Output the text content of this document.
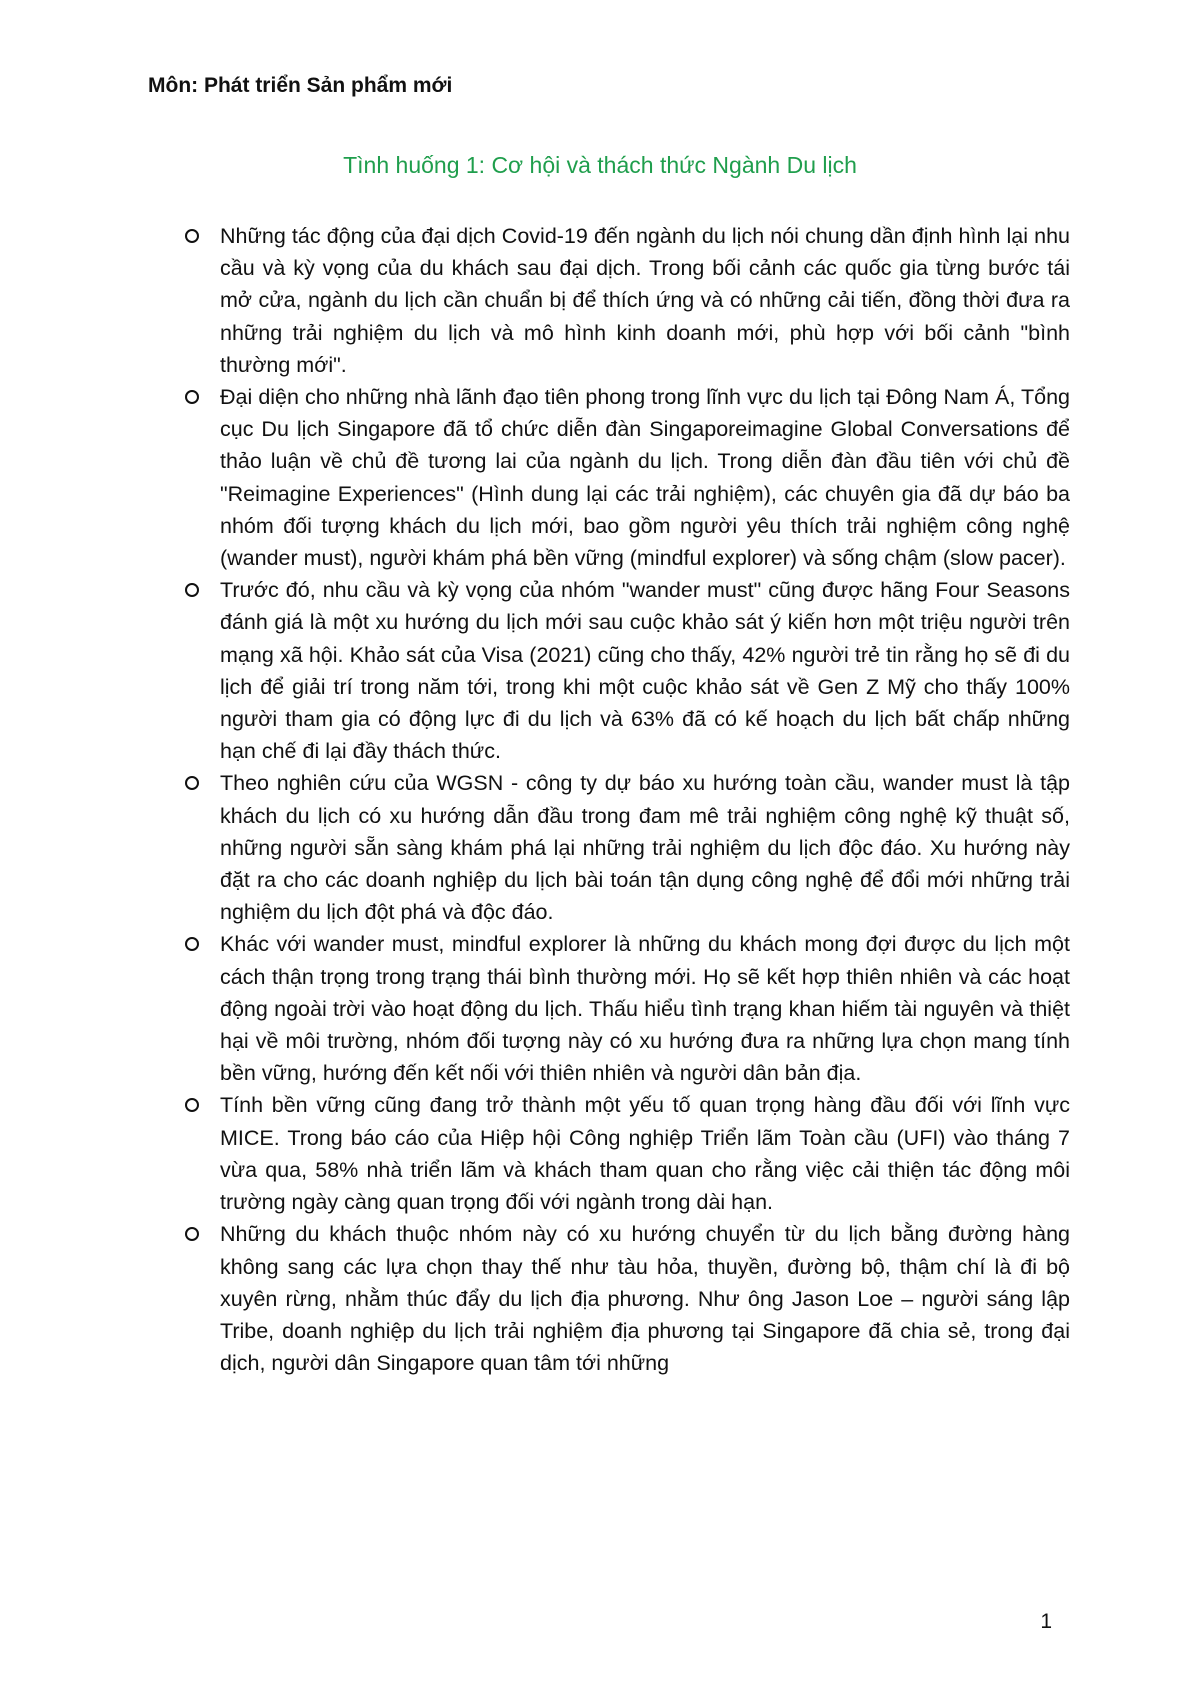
Môn: Phát triển Sản phẩm mới
Tình huống 1: Cơ hội và thách thức Ngành Du lịch
Những tác động của đại dịch Covid-19 đến ngành du lịch nói chung dần định hình lại nhu cầu và kỳ vọng của du khách sau đại dịch. Trong bối cảnh các quốc gia từng bước tái mở cửa, ngành du lịch cần chuẩn bị để thích ứng và có những cải tiến, đồng thời đưa ra những trải nghiệm du lịch và mô hình kinh doanh mới, phù hợp với bối cảnh "bình thường mới".
Đại diện cho những nhà lãnh đạo tiên phong trong lĩnh vực du lịch tại Đông Nam Á, Tổng cục Du lịch Singapore đã tổ chức diễn đàn Singaporeimagine Global Conversations để thảo luận về chủ đề tương lai của ngành du lịch. Trong diễn đàn đầu tiên với chủ đề "Reimagine Experiences" (Hình dung lại các trải nghiệm), các chuyên gia đã dự báo ba nhóm đối tượng khách du lịch mới, bao gồm người yêu thích trải nghiệm công nghệ (wander must), người khám phá bền vững (mindful explorer) và sống chậm (slow pacer).
Trước đó, nhu cầu và kỳ vọng của nhóm "wander must" cũng được hãng Four Seasons đánh giá là một xu hướng du lịch mới sau cuộc khảo sát ý kiến hơn một triệu người trên mạng xã hội. Khảo sát của Visa (2021) cũng cho thấy, 42% người trẻ tin rằng họ sẽ đi du lịch để giải trí trong năm tới, trong khi một cuộc khảo sát về Gen Z Mỹ cho thấy 100% người tham gia có động lực đi du lịch và 63% đã có kế hoạch du lịch bất chấp những hạn chế đi lại đầy thách thức.
Theo nghiên cứu của WGSN - công ty dự báo xu hướng toàn cầu, wander must là tập khách du lịch có xu hướng dẫn đầu trong đam mê trải nghiệm công nghệ kỹ thuật số, những người sẵn sàng khám phá lại những trải nghiệm du lịch độc đáo. Xu hướng này đặt ra cho các doanh nghiệp du lịch bài toán tận dụng công nghệ để đổi mới những trải nghiệm du lịch đột phá và độc đáo.
Khác với wander must, mindful explorer là những du khách mong đợi được du lịch một cách thận trọng trong trạng thái bình thường mới. Họ sẽ kết hợp thiên nhiên và các hoạt động ngoài trời vào hoạt động du lịch. Thấu hiểu tình trạng khan hiếm tài nguyên và thiệt hại về môi trường, nhóm đối tượng này có xu hướng đưa ra những lựa chọn mang tính bền vững, hướng đến kết nối với thiên nhiên và người dân bản địa.
Tính bền vững cũng đang trở thành một yếu tố quan trọng hàng đầu đối với lĩnh vực MICE. Trong báo cáo của Hiệp hội Công nghiệp Triển lãm Toàn cầu (UFI) vào tháng 7 vừa qua, 58% nhà triển lãm và khách tham quan cho rằng việc cải thiện tác động môi trường ngày càng quan trọng đối với ngành trong dài hạn.
Những du khách thuộc nhóm này có xu hướng chuyển từ du lịch bằng đường hàng không sang các lựa chọn thay thế như tàu hỏa, thuyền, đường bộ, thậm chí là đi bộ xuyên rừng, nhằm thúc đẩy du lịch địa phương. Như ông Jason Loe – người sáng lập Tribe, doanh nghiệp du lịch trải nghiệm địa phương tại Singapore đã chia sẻ, trong đại dịch, người dân Singapore quan tâm tới những
1
